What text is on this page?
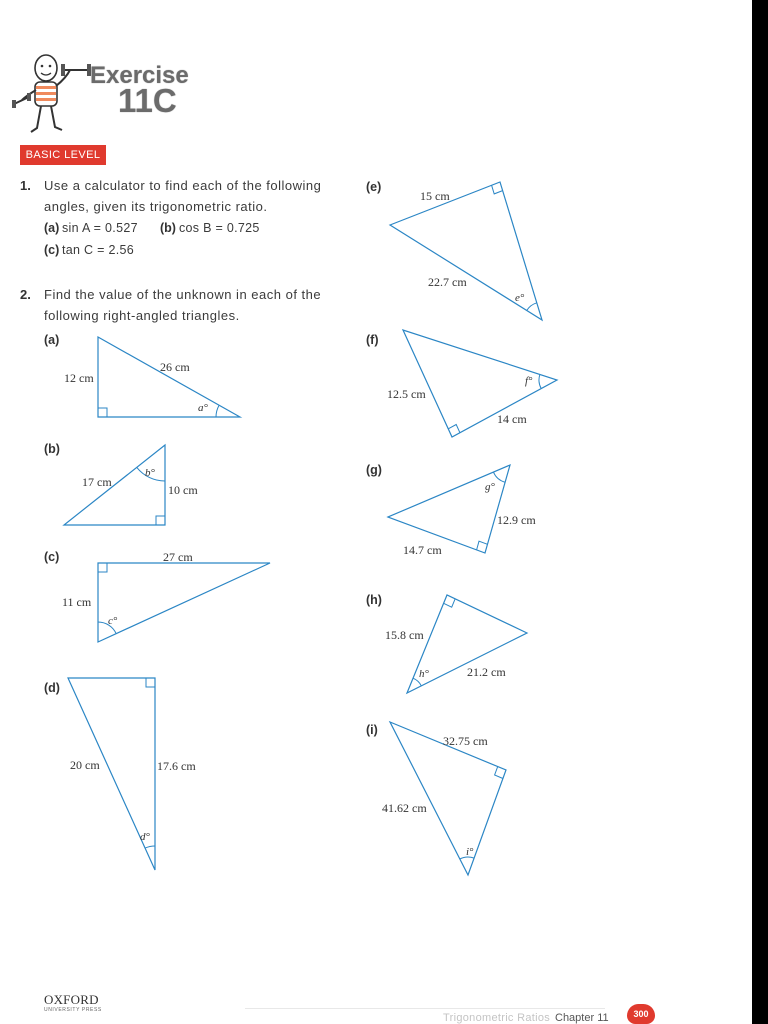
Exercise
11C
BASIC LEVEL
1. Use a calculator to find each of the following
angles, given its trigonometric ratio.
(a) sin A = 0.527 (b) cos B = 0.725
(c) tan C = 2.56
2. Find the value of the unknown in each of the
following right-angled triangles.
(a)
(b)
(c)
(d)
(e)
(f)
(g)
(h)
(i)
12 cm
26 cm
a°
17 cm
10 cm
b°
27 cm
11 cm
c°
20 cm	17.6 cm
d°
15 cm
22.7 cm
e°
12.5 cm
14 cm
f°
12.9 cm
14.7 cm
g°
15.8 cm
21.2 cm
h°
32.75 cm
41.62 cm
i°
OXFORD
UNIVERSITY PRESS
Trigonometric Ratios Chapter 11	300
